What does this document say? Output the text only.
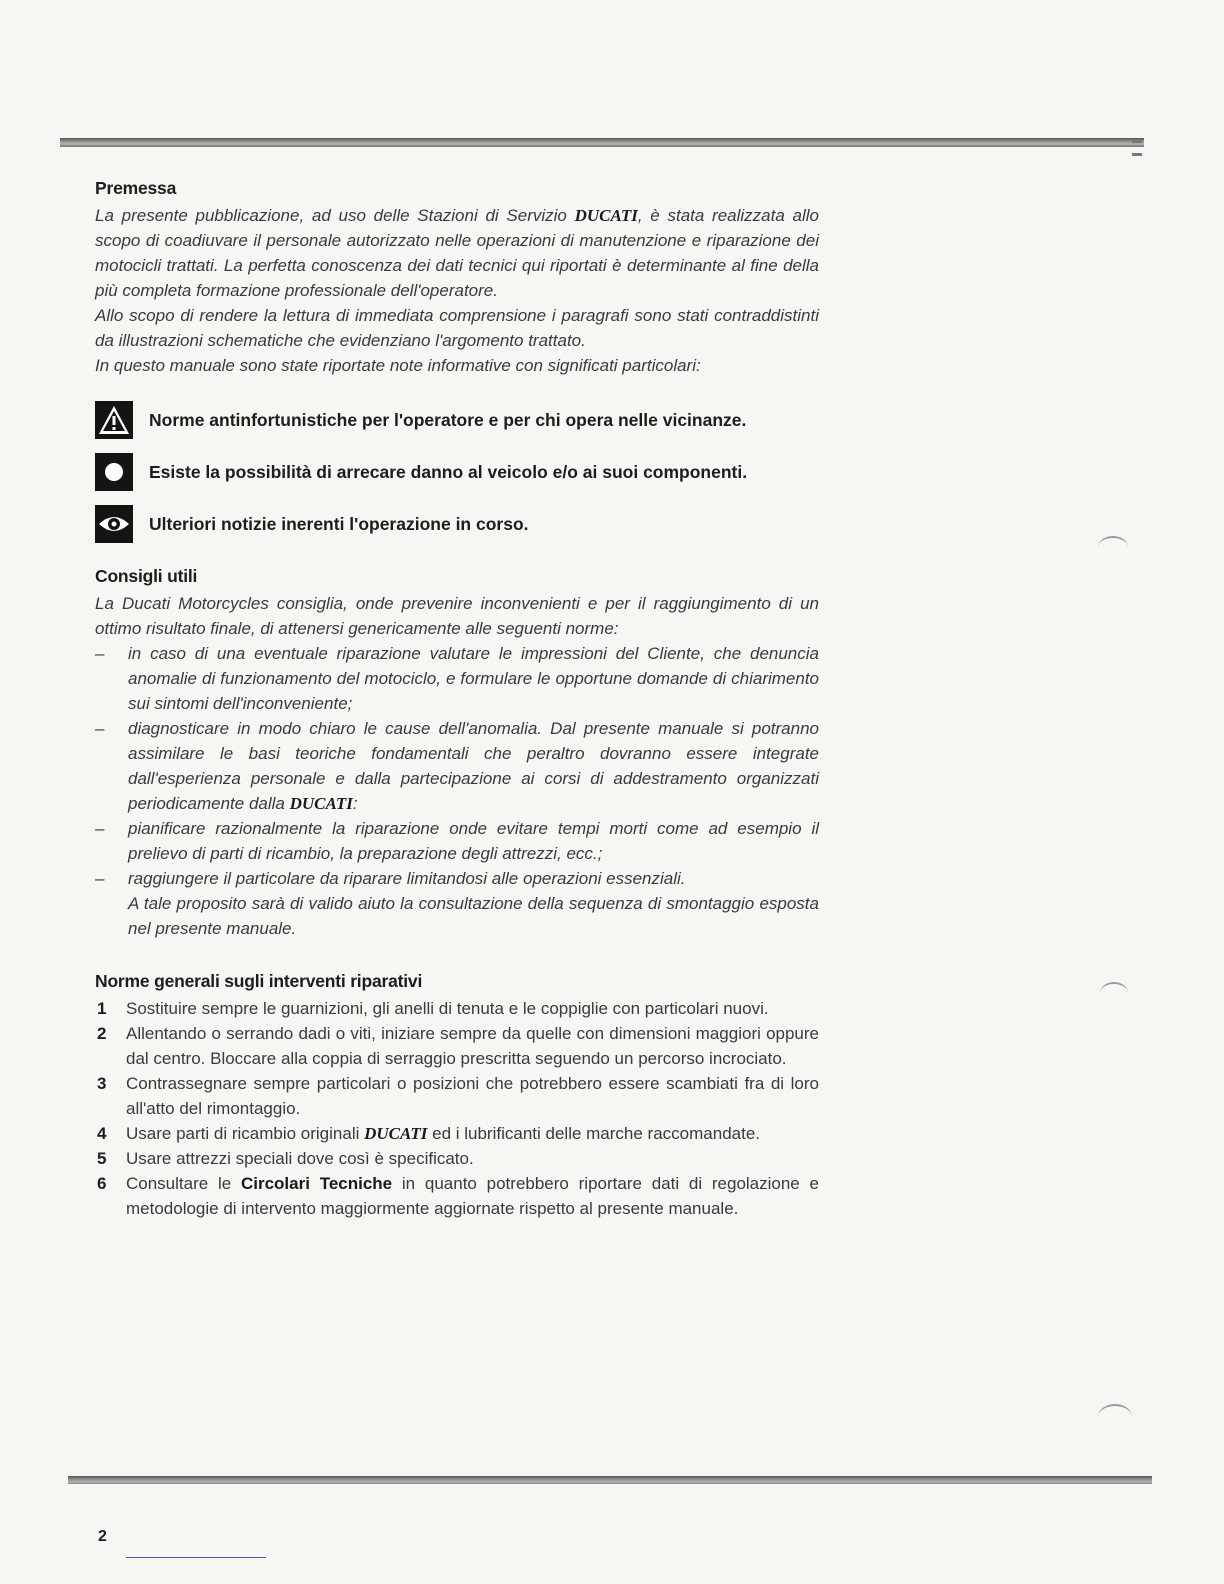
Premessa

La presente pubblicazione, ad uso delle Stazioni di Servizio DUCATI, è stata realizzata allo scopo di coadiuvare il personale autorizzato nelle operazioni di manutenzione e riparazione dei motocicli trattati. La perfetta conoscenza dei dati tecnici qui riportati è determinante al fine della più completa formazione professionale dell'operatore.

Allo scopo di rendere la lettura di immediata comprensione i paragrafi sono stati contraddistinti da illustrazioni schematiche che evidenziano l'argomento trattato.

In questo manuale sono state riportate note informative con significati particolari:

Norme antinfortunistiche per l'operatore e per chi opera nelle vicinanze.
Esiste la possibilità di arrecare danno al veicolo e/o ai suoi componenti.
Ulteriori notizie inerenti l'operazione in corso.
Consigli utili

La Ducati Motorcycles consiglia, onde prevenire inconvenienti e per il raggiungimento di un ottimo risultato finale, di attenersi genericamente alle seguenti norme:

– in caso di una eventuale riparazione valutare le impressioni del Cliente, che denuncia anomalie di funzionamento del motociclo, e formulare le opportune domande di chiarimento sui sintomi dell'inconveniente;
– diagnosticare in modo chiaro le cause dell'anomalia. Dal presente manuale si potranno assimilare le basi teoriche fondamentali che peraltro dovranno essere integrate dall'esperienza personale e dalla partecipazione ai corsi di addestramento organizzati periodicamente dalla DUCATI:
– pianificare razionalmente la riparazione onde evitare tempi morti come ad esempio il prelievo di parti di ricambio, la preparazione degli attrezzi, ecc.;
– raggiungere il particolare da riparare limitandosi alle operazioni essenziali.

A tale proposito sarà di valido aiuto la consultazione della sequenza di smontaggio esposta nel presente manuale.

Norme generali sugli interventi riparativi
1 Sostituire sempre le guarnizioni, gli anelli di tenuta e le coppiglie con particolari nuovi.
2 Allentando o serrando dadi o viti, iniziare sempre da quelle con dimensioni maggiori oppure dal centro. Bloccare alla coppia di serraggio prescritta seguendo un percorso incrociato.
3 Contrassegnare sempre particolari o posizioni che potrebbero essere scambiati fra di loro all'atto del rimontaggio.
4 Usare parti di ricambio originali DUCATI ed i lubrificanti delle marche raccomandate.
5 Usare attrezzi speciali dove così è specificato.
6 Consultare le Circolari Tecniche in quanto potrebbero riportare dati di regolazione e metodologie di intervento maggiormente aggiornate rispetto al presente manuale.
2
